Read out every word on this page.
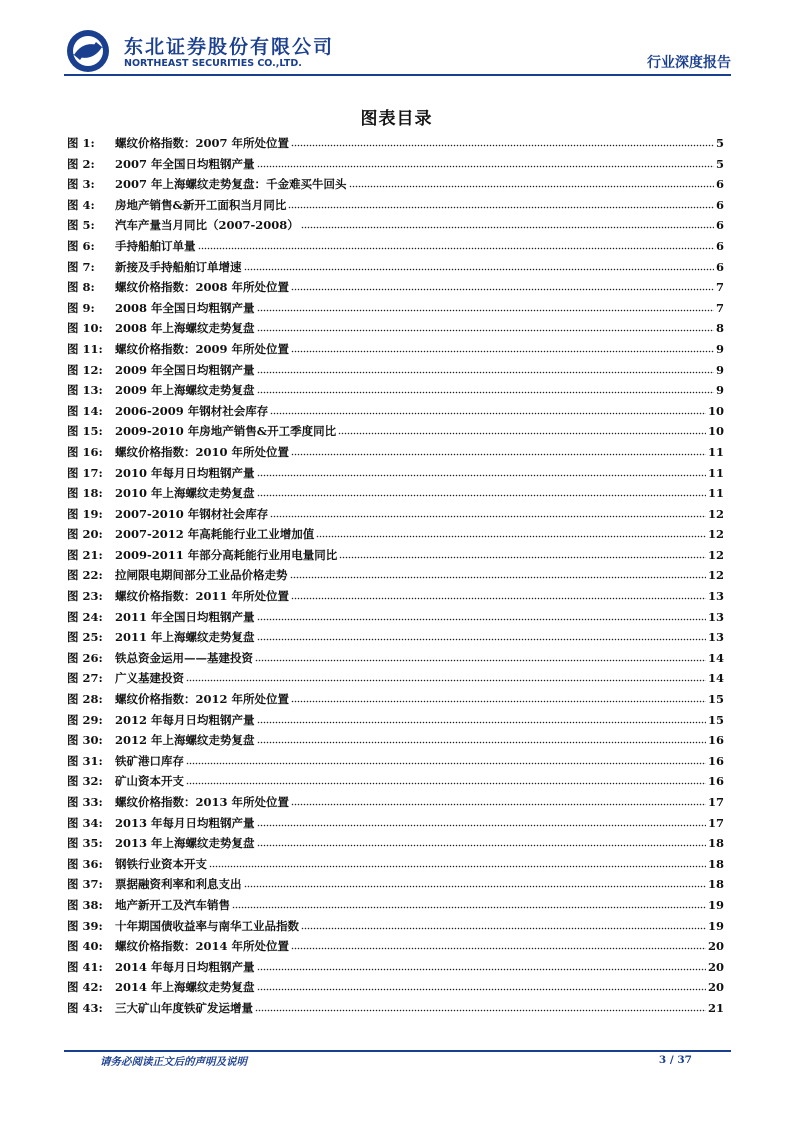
东北证券股份有限公司
NORTHEAST SECURITIES CO.,LTD.	行业深度报告
图表目录
图 1: 螺纹价格指数：2007 年所处位置	5
图 2: 2007 年全国日均粗钢产量	5
图 3: 2007 年上海螺纹走势复盘：千金难买牛回头	6
图 4: 房地产销售&新开工面积当月同比	6
图 5: 汽车产量当月同比（2007-2008）	6
图 6: 手持船舶订单量	6
图 7: 新接及手持船舶订单增速	6
图 8: 螺纹价格指数：2008 年所处位置	7
图 9: 2008 年全国日均粗钢产量	7
图 10: 2008 年上海螺纹走势复盘	8
图 11: 螺纹价格指数：2009 年所处位置	9
图 12: 2009 年全国日均粗钢产量	9
图 13: 2009 年上海螺纹走势复盘	9
图 14: 2006-2009 年钢材社会库存	10
图 15: 2009-2010 年房地产销售&开工季度同比	10
图 16: 螺纹价格指数：2010 年所处位置	11
图 17: 2010 年每月日均粗钢产量	11
图 18: 2010 年上海螺纹走势复盘	11
图 19: 2007-2010 年钢材社会库存	12
图 20: 2007-2012 年高耗能行业工业增加值	12
图 21: 2009-2011 年部分高耗能行业用电量同比	12
图 22: 拉闸限电期间部分工业品价格走势	12
图 23: 螺纹价格指数：2011 年所处位置	13
图 24: 2011 年全国日均粗钢产量	13
图 25: 2011 年上海螺纹走势复盘	13
图 26: 铁总资金运用——基建投资	14
图 27: 广义基建投资	14
图 28: 螺纹价格指数：2012 年所处位置	15
图 29: 2012 年每月日均粗钢产量	15
图 30: 2012 年上海螺纹走势复盘	16
图 31: 铁矿港口库存	16
图 32: 矿山资本开支	16
图 33: 螺纹价格指数：2013 年所处位置	17
图 34: 2013 年每月日均粗钢产量	17
图 35: 2013 年上海螺纹走势复盘	18
图 36: 钢铁行业资本开支	18
图 37: 票据融资利率和利息支出	18
图 38: 地产新开工及汽车销售	19
图 39: 十年期国债收益率与南华工业品指数	19
图 40: 螺纹价格指数：2014 年所处位置	20
图 41: 2014 年每月日均粗钢产量	20
图 42: 2014 年上海螺纹走势复盘	20
图 43: 三大矿山年度铁矿发运增量	21
请务必阅读正文后的声明及说明	3 / 37
